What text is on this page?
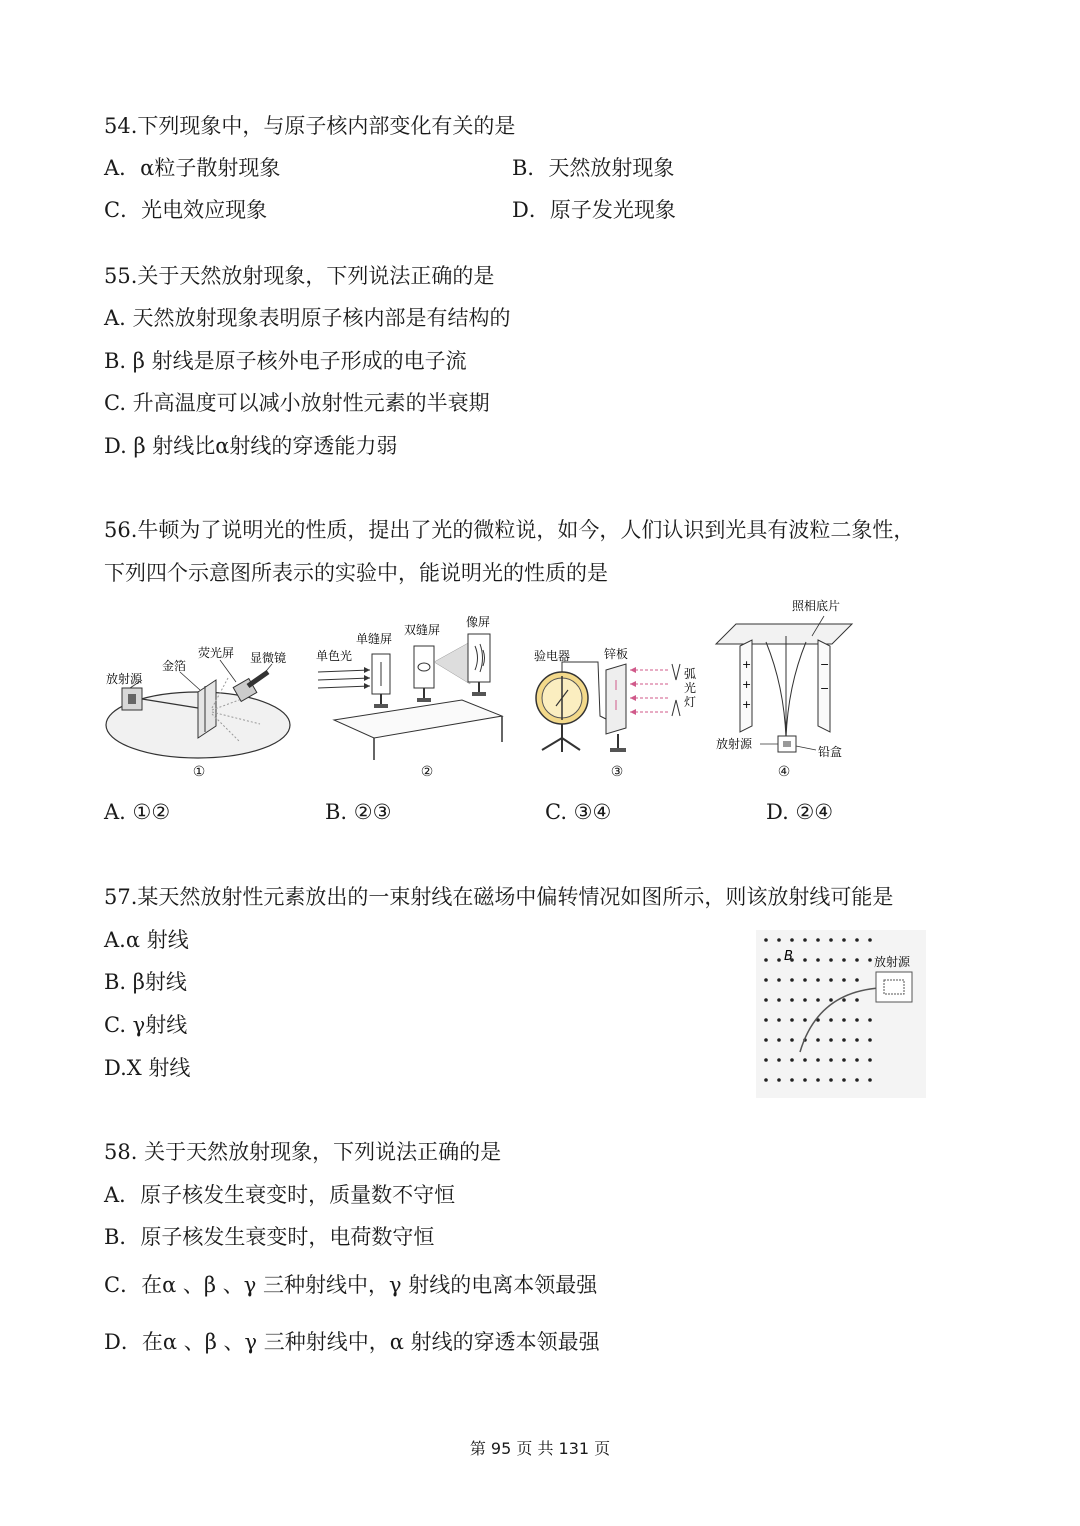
54.下列现象中，与原子核内部变化有关的是
A．α粒子散射现象	B．天然放射现象
C．光电效应现象	D．原子发光现象
55.关于天然放射现象，下列说法正确的是
A. 天然放射现象表明原子核内部是有结构的
B. β 射线是原子核外电子形成的电子流
C. 升高温度可以减小放射性元素的半衰期
D. β 射线比α射线的穿透能力弱
56.牛顿为了说明光的性质，提出了光的微粒说，如今，人们认识到光具有波粒二象性，
下列四个示意图所表示的实验中，能说明光的性质的是
放射源
金箔
荧光屏 显微镜
①
单色光
单缝屏
双缝屏
像屏
②
验电器	锌板
弧
光
灯
③
+
+
+
−
−
照相底片
放射源
铅盒
④
A. ①②	B. ②③	C. ③④	D. ②④
57.某天然放射性元素放出的一束射线在磁场中偏转情况如图所示，则该放射线可能是
A.α 射线
B. β射线
C. γ射线
D.X 射线
B	放射源
58. 关于天然放射现象，下列说法正确的是
A．原子核发生衰变时，质量数不守恒
B．原子核发生衰变时，电荷数守恒
C．在α 、β 、γ 三种射线中，γ 射线的电离本领最强
D．在α 、β 、γ 三种射线中，α 射线的穿透本领最强
第 95 页 共 131 页
